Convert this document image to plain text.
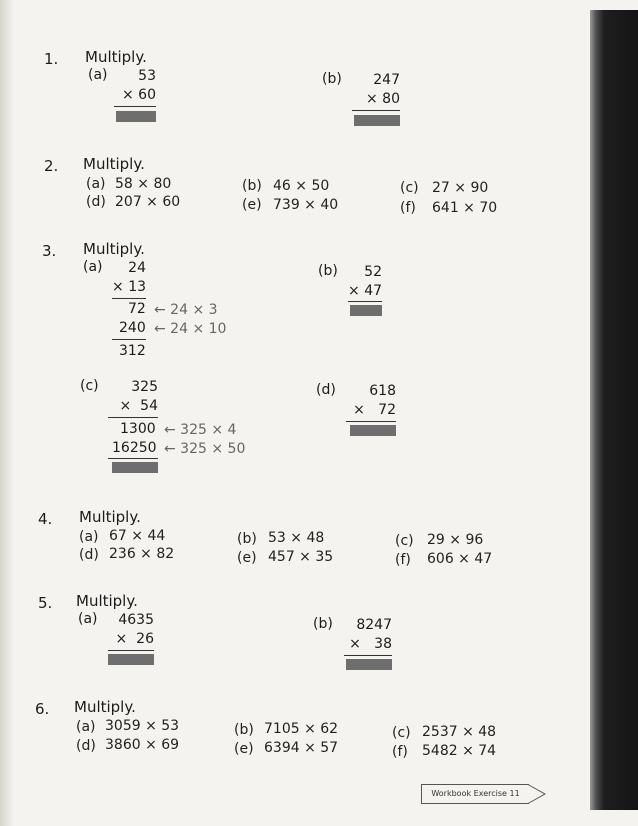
1. Multiply.
(a)	53
× 60
(b)	247
× 80
2. Multiply.
(a) 58 × 80	(b) 46 × 50	(c) 27 × 90
(d) 207 × 60	(e) 739 × 40	(f) 641 × 70
3. Multiply.
(a)	24
× 13
72 ← 24 × 3
240 ← 24 × 10
312
(b)	52
× 47
(c)	325
× 54
1300 ← 325 × 4
16250 ← 325 × 50
(d)	618
× 72
4. Multiply.
(a) 67 × 44	(b) 53 × 48	(c) 29 × 96
(d) 236 × 82	(e) 457 × 35	(f) 606 × 47
5. Multiply.
(a)	4635
× 26
(b)	8247
× 38
6. Multiply.
(a) 3059 × 53	(b) 7105 × 62	(c) 2537 × 48
(d) 3860 × 69	(e) 6394 × 57	(f) 5482 × 74
Workbook Exercise 11
